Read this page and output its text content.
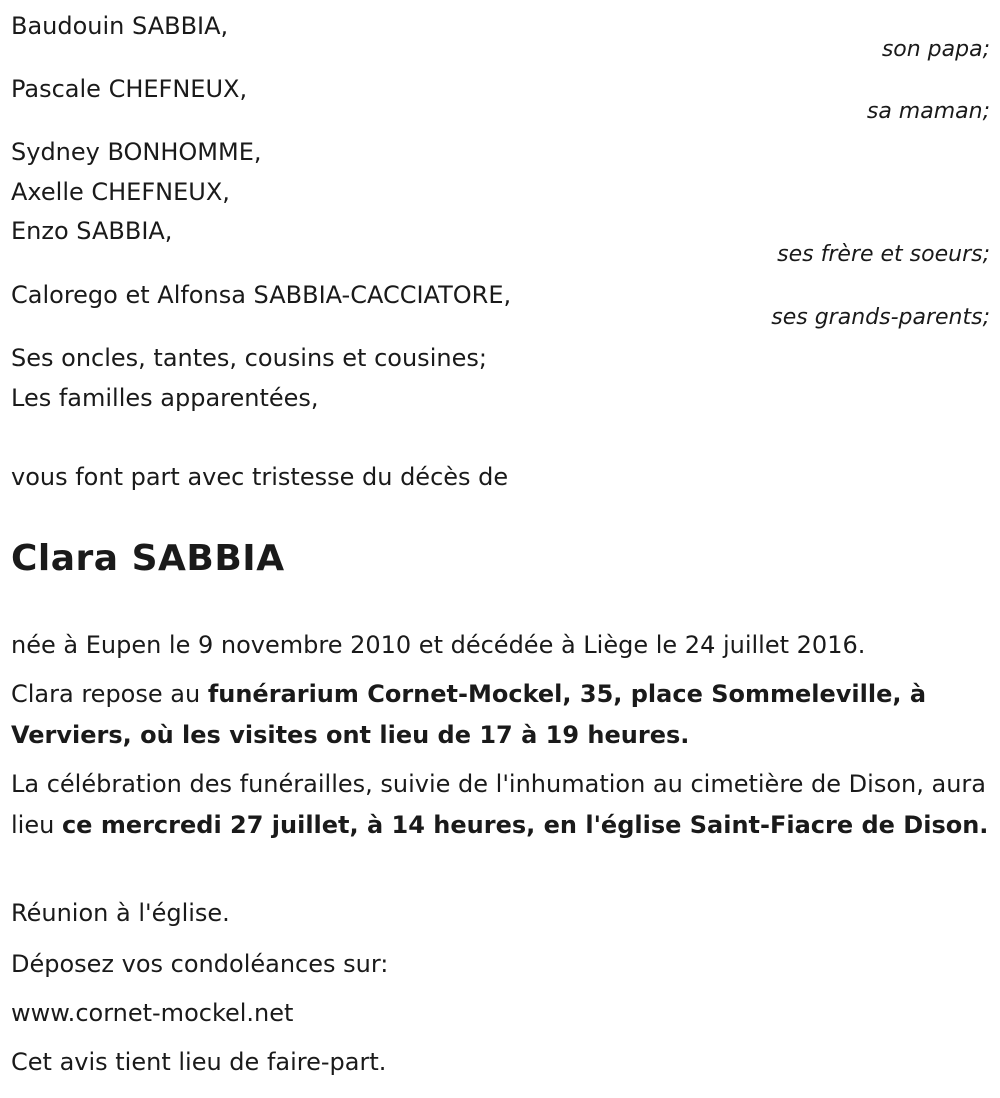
Baudouin SABBIA,
son papa;
Pascale CHEFNEUX,
sa maman;
Sydney BONHOMME,
Axelle CHEFNEUX,
Enzo SABBIA,
ses frère et soeurs;
Caloregо et Alfonsa SABBIA-CACCIATORE,
ses grands-parents;
Ses oncles, tantes, cousins et cousines;
Les familles apparentées,
vous font part avec tristesse du décès de
Clara SABBIA
née à Eupen le 9 novembre 2010 et décédée à Liège le 24 juillet 2016.
Clara repose au funérarium Cornet-Mockel, 35, place Sommeleville, à Verviers, où les visites ont lieu de 17 à 19 heures.
La célébration des funérailles, suivie de l'inhumation au cimetière de Dison, aura lieu ce mercredi 27 juillet, à 14 heures, en l'église Saint-Fiacre de Dison.
Réunion à l'église.
Déposez vos condoléances sur:
www.cornet-mockel.net
Cet avis tient lieu de faire-part.
